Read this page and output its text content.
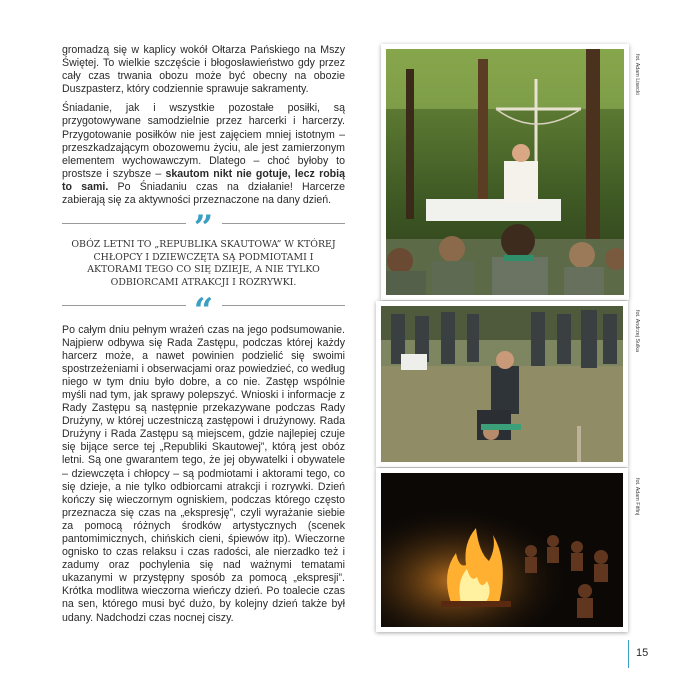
gromadzą się w kaplicy wokół Ołtarza Pańskiego na Mszy Świętej. To wielkie szczęście i błogosławieństwo gdy przez cały czas trwania obozu może być obecny na obozie Duszpasterz, który codziennie sprawuje sakramenty.

Śniadanie, jak i wszystkie pozostałe posiłki, są przygotowywane samodzielnie przez harcerki i harcerzy. Przygotowanie posiłków nie jest zajęciem mniej istotnym – przeszkadzającym obozowemu życiu, ale jest zamierzonym elementem wychowawczym. Dlatego – choć byłoby to prostsze i szybsze – skautom nikt nie gotuje, lecz robią to sami. Po Śniadaniu czas na działanie! Harcerze zabierają się za aktywności przeznaczone na dany dzień.

”
OBÓZ LETNI TO „REPUBLIKA SKAUTOWA” W KTÓREJ CHŁOPCY I DZIEWCZĘTA SĄ PODMIOTAMI I AKTORAMI TEGO CO SIĘ DZIEJE, A NIE TYLKO ODBIORCAMI ATRAKCJI I ROZRYWKI.
“

Po całym dniu pełnym wrażeń czas na jego podsumowanie. Najpierw odbywa się Rada Zastępu, podczas której każdy harcerz może, a nawet powinien podzielić się swoimi spostrzeżeniami i obserwacjami oraz powiedzieć, co według niego w tym dniu było dobre, a co nie. Zastęp wspólnie myśli nad tym, jak sprawy polepszyć. Wnioski i informacje z Rady Zastępu są następnie przekazywane podczas Rady Drużyny, w której uczestniczą zastępowi i drużynowy. Rada Drużyny i Rada Zastępu są miejscem, gdzie najlepiej czuje się bijące serce tej „Republiki Skautowej”, którą jest obóz letni. Są one gwarantem tego, że jej obywatelki i obywatele – dziewczęta i chłopcy – są podmiotami i aktorami tego, co się dzieje, a nie tylko odbiorcami atrakcji i rozrywki. Dzień kończy się wieczornym ogniskiem, podczas którego często przeznacza się czas na „ekspresję”, czyli wyrażanie siebie za pomocą różnych środków artystycznych (scenek pantomimicznych, chińskich cieni, śpiewów itp). Wieczorne ognisko to czas relaksu i czas radości, ale nierzadko też i zadumy oraz pochylenia się nad ważnymi tematami ukazanymi w przystępny sposób za pomocą „ekspresji”. Krótka modlitwa wieczorna wieńczy dzień. Po toalecie czas na sen, którego musi być dużo, by kolejny dzień także był udany. Nadchodzi czas nocnej ciszy.

fot. Adam Lisecki
fot. Andrzej Sulka
fot. Adam Fitfinj
15
